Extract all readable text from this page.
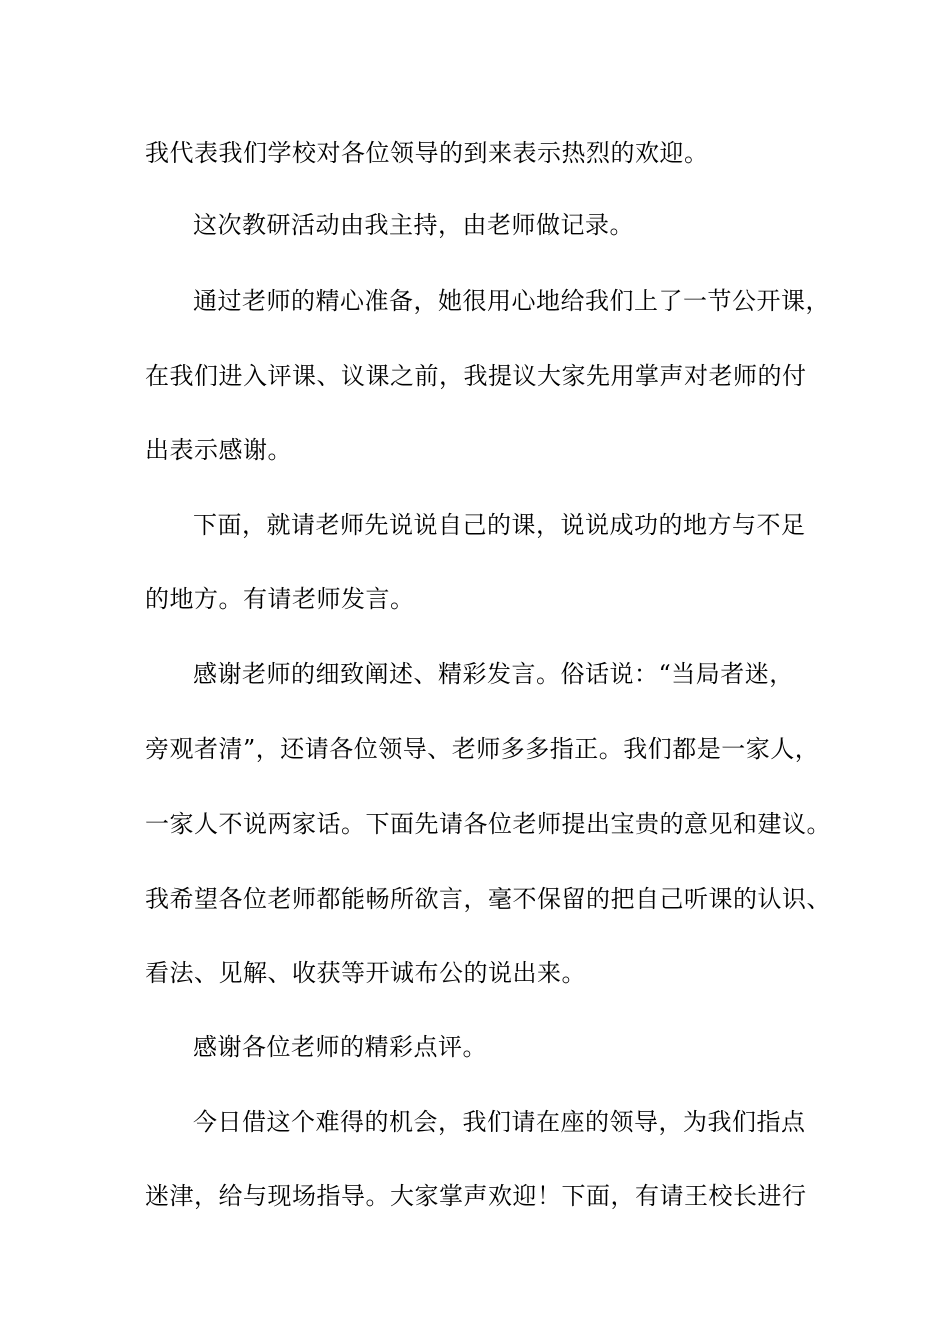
我代表我们学校对各位领导的到来表示热烈的欢迎。
这次教研活动由我主持，由老师做记录。
通过老师的精心准备，她很用心地给我们上了一节公开课，
在我们进入评课、议课之前，我提议大家先用掌声对老师的付
出表示感谢。
下面，就请老师先说说自己的课，说说成功的地方与不足
的地方。有请老师发言。
感谢老师的细致阐述、精彩发言。俗话说：“当局者迷，
旁观者清”，还请各位领导、老师多多指正。我们都是一家人，
一家人不说两家话。下面先请各位老师提出宝贵的意见和建议。
我希望各位老师都能畅所欲言，毫不保留的把自己听课的认识、
看法、见解、收获等开诚布公的说出来。
感谢各位老师的精彩点评。
今日借这个难得的机会，我们请在座的领导，为我们指点
迷津，给与现场指导。大家掌声欢迎！下面，有请王校长进行
